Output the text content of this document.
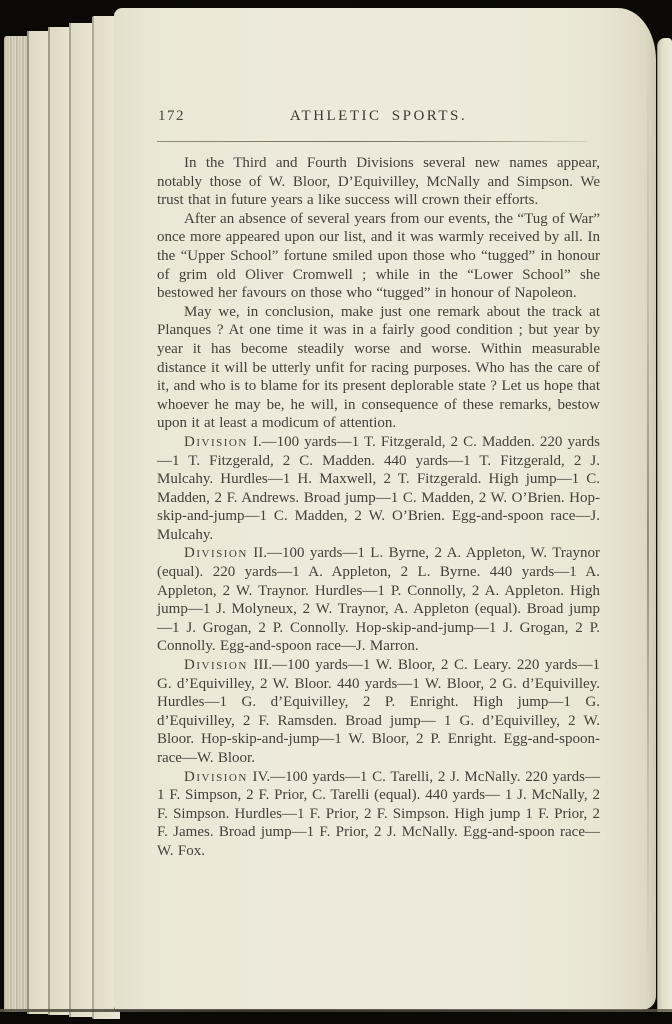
172	ATHLETIC SPORTS.

In the Third and Fourth Divisions several new names appear, notably those of W. Bloor, D’Equivilley, McNally and Simpson. We trust that in future years a like success will crown their efforts.

After an absence of several years from our events, the “Tug of War” once more appeared upon our list, and it was warmly received by all. In the “Upper School” fortune smiled upon those who “tugged” in honour of grim old Oliver Cromwell ; while in the “Lower School” she bestowed her favours on those who “tugged” in honour of Napoleon.

May we, in conclusion, make just one remark about the track at Planques ? At one time it was in a fairly good condition ; but year by year it has become steadily worse and worse. Within measurable distance it will be utterly unfit for racing purposes. Who has the care of it, and who is to blame for its present deplorable state ? Let us hope that whoever he may be, he will, in consequence of these remarks, bestow upon it at least a modicum of attention.

Division I.—100 yards—1 T. Fitzgerald, 2 C. Madden. 220 yards—1 T. Fitzgerald, 2 C. Madden. 440 yards—1 T. Fitzgerald, 2 J. Mulcahy. Hurdles—1 H. Maxwell, 2 T. Fitzgerald. High jump—1 C. Madden, 2 F. Andrews. Broad jump—1 C. Madden, 2 W. O’Brien. Hop-skip-and-jump—1 C. Madden, 2 W. O’Brien. Egg-and-spoon race—J. Mulcahy.

Division II.—100 yards—1 L. Byrne, 2 A. Appleton, W. Traynor (equal). 220 yards—1 A. Appleton, 2 L. Byrne. 440 yards—1 A. Appleton, 2 W. Traynor. Hurdles—1 P. Connolly, 2 A. Appleton. High jump—1 J. Molyneux, 2 W. Traynor, A. Appleton (equal). Broad jump—1 J. Grogan, 2 P. Connolly. Hop-skip-and-jump—1 J. Grogan, 2 P. Connolly. Egg-and-spoon race—J. Marron.

Division III.—100 yards—1 W. Bloor, 2 C. Leary. 220 yards—1 G. d’Equivilley, 2 W. Bloor. 440 yards—1 W. Bloor, 2 G. d’Equivilley. Hurdles—1 G. d’Equivilley, 2 P. Enright. High jump—1 G. d’Equivilley, 2 F. Ramsden. Broad jump— 1 G. d’Equivilley, 2 W. Bloor. Hop-skip-and-jump—1 W. Bloor, 2 P. Enright. Egg-and-spoon-race—W. Bloor.

Division IV.—100 yards—1 C. Tarelli, 2 J. McNally. 220 yards—1 F. Simpson, 2 F. Prior, C. Tarelli (equal). 440 yards— 1 J. McNally, 2 F. Simpson. Hurdles—1 F. Prior, 2 F. Simpson. High jump 1 F. Prior, 2 F. James. Broad jump—1 F. Prior, 2 J. McNally. Egg-and-spoon race—W. Fox.
